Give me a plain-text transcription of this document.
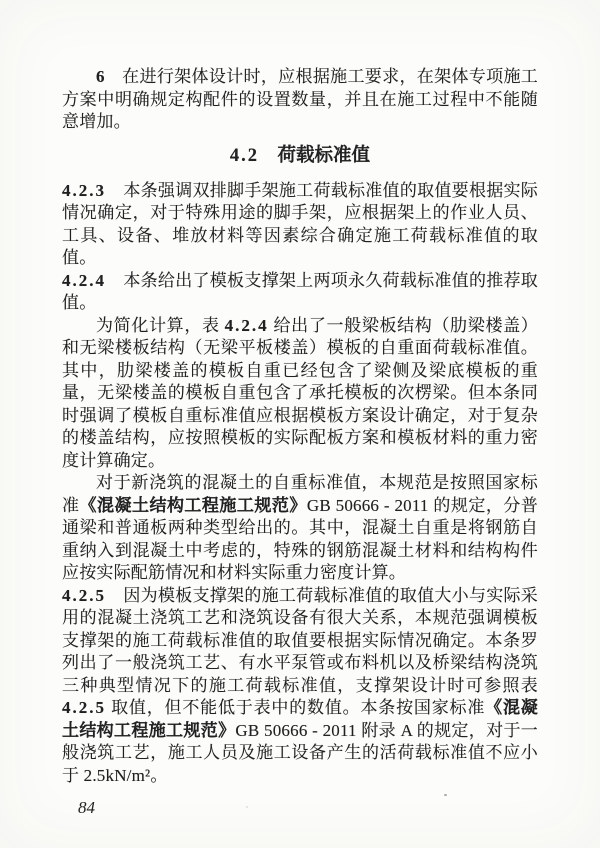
6　在进行架体设计时，应根据施工要求，在架体专项施工方案中明确规定构配件的设置数量，并且在施工过程中不能随意增加。

4.2　荷载标准值

4.2.3　本条强调双排脚手架施工荷载标准值的取值要根据实际情况确定，对于特殊用途的脚手架，应根据架上的作业人员、工具、设备、堆放材料等因素综合确定施工荷载标准值的取值。

4.2.4　本条给出了模板支撑架上两项永久荷载标准值的推荐取值。

为简化计算，表 4.2.4 给出了一般梁板结构（肋梁楼盖）和无梁楼板结构（无梁平板楼盖）模板的自重面荷载标准值。其中，肋梁楼盖的模板自重已经包含了梁侧及梁底模板的重量，无梁楼盖的模板自重包含了承托模板的次楞梁。但本条同时强调了模板自重标准值应根据模板方案设计确定，对于复杂的楼盖结构，应按照模板的实际配板方案和模板材料的重力密度计算确定。

对于新浇筑的混凝土的自重标准值，本规范是按照国家标准《混凝土结构工程施工规范》GB 50666 - 2011 的规定，分普通梁和普通板两种类型给出的。其中，混凝土自重是将钢筋自重纳入到混凝土中考虑的，特殊的钢筋混凝土材料和结构构件应按实际配筋情况和材料实际重力密度计算。

4.2.5　因为模板支撑架的施工荷载标准值的取值大小与实际采用的混凝土浇筑工艺和浇筑设备有很大关系，本规范强调模板支撑架的施工荷载标准值的取值要根据实际情况确定。本条罗列出了一般浇筑工艺、有水平泵管或布料机以及桥梁结构浇筑三种典型情况下的施工荷载标准值，支撑架设计时可参照表 4.2.5 取值，但不能低于表中的数值。本条按国家标准《混凝土结构工程施工规范》GB 50666 - 2011 附录 A 的规定，对于一般浇筑工艺，施工人员及施工设备产生的活荷载标准值不应小于 2.5kN/m²。

84
